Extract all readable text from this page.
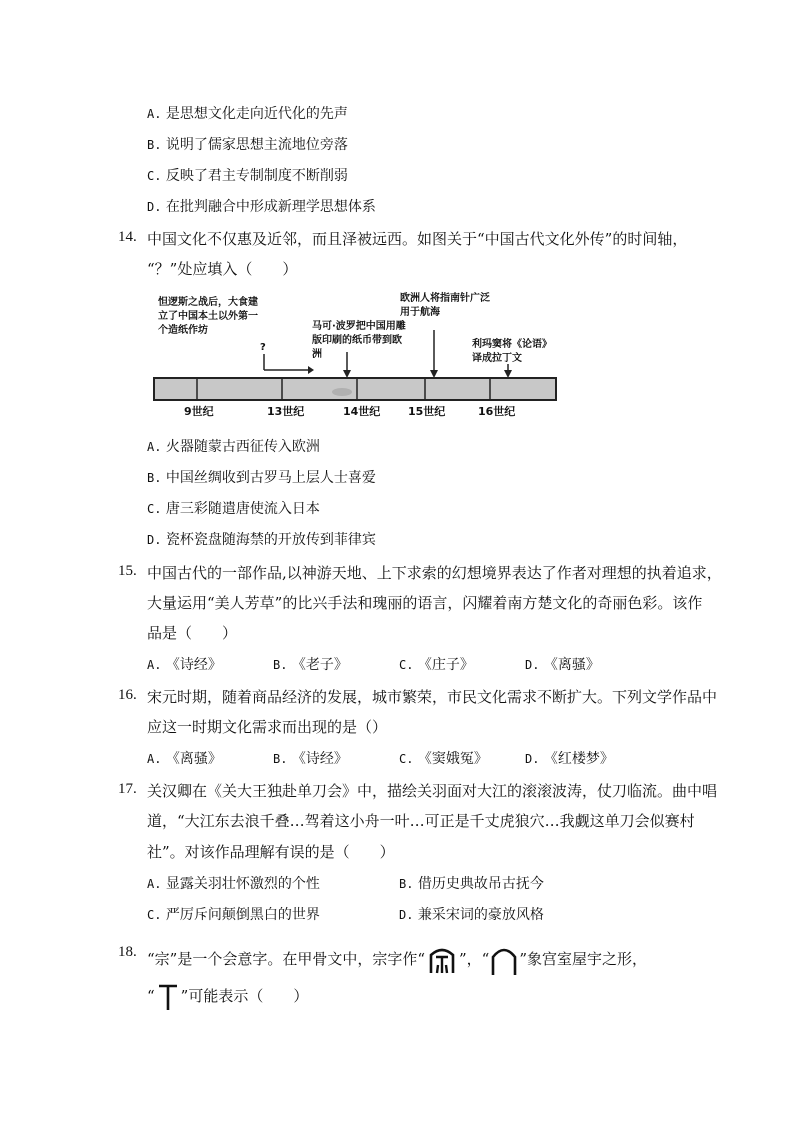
A. 是思想文化走向近代化的先声
B. 说明了儒家思想主流地位旁落
C. 反映了君主专制制度不断削弱
D. 在批判融合中形成新理学思想体系
14. 中国文化不仅惠及近邻，而且泽被远西。如图关于“中国古代文化外传”的时间轴，
“？”处应填入（　　）
怛逻斯之战后，大食建立了中国本土以外第一个造纸作坊	马可·波罗把中国用雕版印刷的纸币带到欧洲
欧洲人将指南针广泛用于航海
利玛窦将《论语》译成拉丁文
?
9世纪	13世纪	14世纪	15世纪	16世纪
A. 火器随蒙古西征传入欧洲
B. 中国丝绸收到古罗马上层人士喜爱
C. 唐三彩随遣唐使流入日本
D. 瓷杯瓷盘随海禁的开放传到菲律宾
15. 中国古代的一部作品,以神游天地、上下求索的幻想境界表达了作者对理想的执着追求，
大量运用“美人芳草”的比兴手法和瑰丽的语言，闪耀着南方楚文化的奇丽色彩。该作
品是（　　）
A. 《诗经》	B. 《老子》	C. 《庄子》	D. 《离骚》
16. 宋元时期，随着商品经济的发展，城市繁荣，市民文化需求不断扩大。下列文学作品中
应这一时期文化需求而出现的是（）
A. 《离骚》	B. 《诗经》	C. 《窦娥冤》	D. 《红楼梦》
17. 关汉卿在《关大王独赴单刀会》中，描绘关羽面对大江的滚滚波涛，仗刀临流。曲中唱
道，“大江东去浪千叠…驾着这小舟一叶…可正是千丈虎狼穴…我觑这单刀会似赛村
社”。对该作品理解有误的是（　　）
A. 显露关羽壮怀激烈的个性	B. 借历史典故吊古抚今
C. 严厉斥问颠倒黑白的世界	D. 兼采宋词的豪放风格
18. “宗”是一个会意字。在甲骨文中，宗字作“ ”，“ ”象宫室屋宇之形，
“ ”可能表示（　　）
